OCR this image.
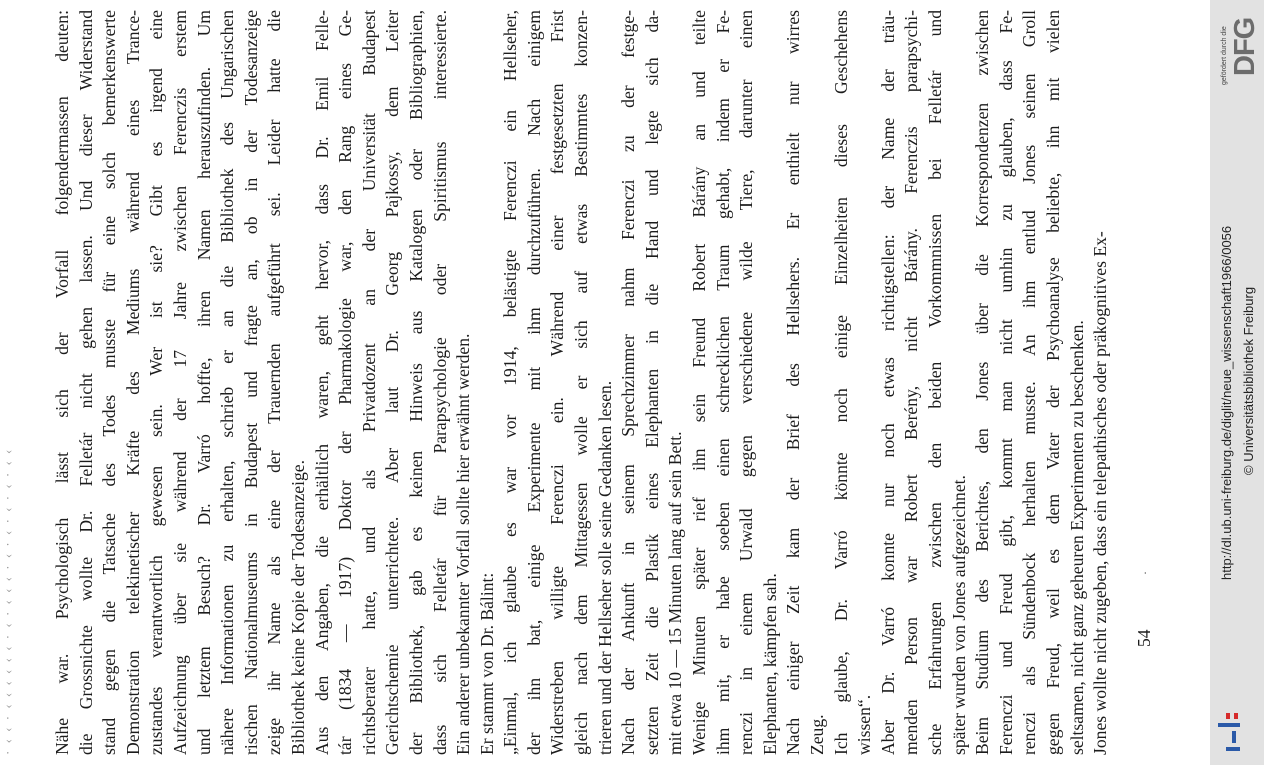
· ‹ ‹ · ‹ ‹ ‹ ‹ ‹ ‹ · ‹ · ‹ ‹ ‹ · ‹ · ‹ · ‹ · ‹ · ‹ ‹ Nähe war. Psychologisch lässt sich der Vorfall folgendermassen deuten: die Grossnichte wollte Dr. Felletár nicht gehen lassen. Und dieser Widerstand stand gegen die Tatsache des Todes musste für eine solch bemerkenswerte Demonstration telekinetischer Kräfte des Mediums während eines Trance- zustandes verantwortlich gewesen sein. Wer ist sie? Gibt es irgend eine Aufzeichnung über sie während der 17 Jahre zwischen Ferenczis erstem und letztem Besuch? Dr. Varró hoffte, ihren Namen herauszufinden. Um nähere Informationen zu erhalten, schrieb er an die Bibliothek des Ungarischen rischen Nationalmuseums in Budapest und fragte an, ob in der Todesanzeige zeige ihr Name als eine der Trauernden aufgeführt sei. Leider hatte die Bibliothek keine Kopie der Todesanzeige. Aus den Angaben, die erhältlich waren, geht hervor, dass Dr. Emil Felle- tár (1834 — 1917) Doktor der Pharmakologie war, den Rang eines Ge- richtsberater hatte, und als Privatdozent an der Universität Budapest Gerichtschemie unterrichtete. Aber laut Dr. Georg Pajkossy, dem Leiter der Bibliothek, gab es keinen Hinweis aus Katalogen oder Bibliographien, dass sich Felletár für Parapsychologie oder Spiritismus interessierte. Ein anderer unbekannter Vorfall sollte hier erwähnt werden. Er stammt von Dr. Bálint: „Einmal, ich glaube es war vor 1914, belästigte Ferenczi ein Hellseher, der ihn bat, einige Experimente mit ihm durchzuführen. Nach einigem Widerstreben willigte Ferenczi ein. Während einer festgesetzten Frist gleich nach dem Mittagessen wolle er sich auf etwas Bestimmtes konzen- trieren und der Hellseher solle seine Gedanken lesen. Nach der Ankunft in seinem Sprechzimmer nahm Ferenczi zu der festge- setzten Zeit die Plastik eines Elephanten in die Hand und legte sich da- mit etwa 10 — 15 Minuten lang auf sein Bett. Wenige Minuten später rief ihn sein Freund Robert Bárány an und teilte ihm mit, er habe soeben einen schrecklichen Traum gehabt, indem er Fe- renczi in einem Urwald gegen verschiedene wilde Tiere, darunter einen Elephanten, kämpfen sah. Nach einiger Zeit kam der Brief des Hellsehers. Er enthielt nur wirres Zeug. Ich glaube, Dr. Varró könnte noch einige Einzelheiten dieses Geschehens wissen“. Aber Dr. Varró konnte nur noch etwas richtigstellen: der Name der träu- menden Person war Robert Berény, nicht Bárány. Ferenczis parapsychi- sche Erfahrungen zwischen den beiden Vorkommnissen bei Felletár und später wurden von Jones aufgezeichnet. Beim Studium des Berichtes, den Jones über die Korrespondenzen zwischen Ferenczi und Freud gibt, kommt man nicht umhin zu glauben, dass Fe- renczi als Sündenbock herhalten musste. An ihm entlud Jones seinen Groll gegen Freud, weil es dem Vater der Psychoanalyse beliebte, ihn mit vielen seltsamen, nicht ganz geheuren Experimenten zu beschenken. Jones wollte nicht zugeben, dass ein telepathisches oder präkognitives Ex- 54
·	http://dl.ub.uni-freiburg.de/diglit/neue_wissenschaft1966/0056 © Universitätsbibliothek Freiburg
gefördert durch die DFG
